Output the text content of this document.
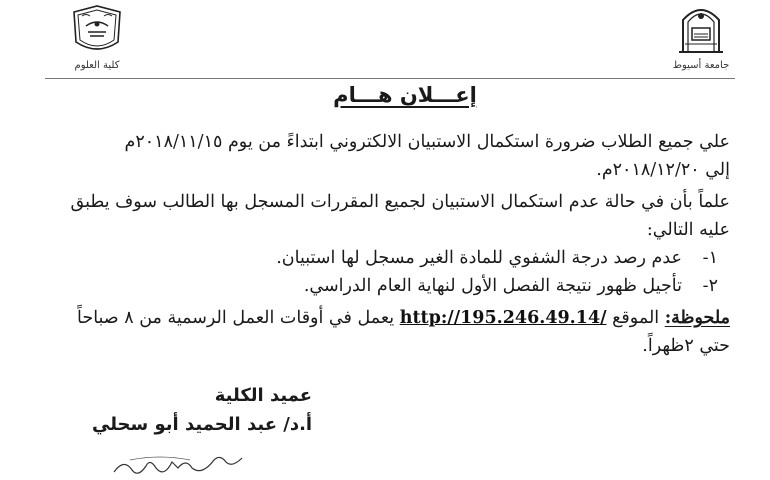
جامعة أسيوط
كلية العلوم
إعـــلان هـــام

علي جميع الطلاب ضرورة استكمال الاستبيان الالكتروني ابتداءً من يوم ٢٠١٨/١١/١٥م

إلي ٢٠١٨/١٢/٢٠م.

علماً بأن في حالة عدم استكمال الاستبيان لجميع المقررات المسجل بها الطالب سوف يطبق

عليه التالي:

١-عدم رصد درجة الشفوي للمادة الغير مسجل لها استبيان.
٢-تأجيل ظهور نتيجة الفصل الأول لنهاية العام الدراسي.

ملحوظة: الموقع http://195.246.49.14/ يعمل في أوقات العمل الرسمية من ٨ صباحاً

حتي ٢ظهراً.

عميد الكلية
أ.د/ عبد الحميد أبو سحلي
